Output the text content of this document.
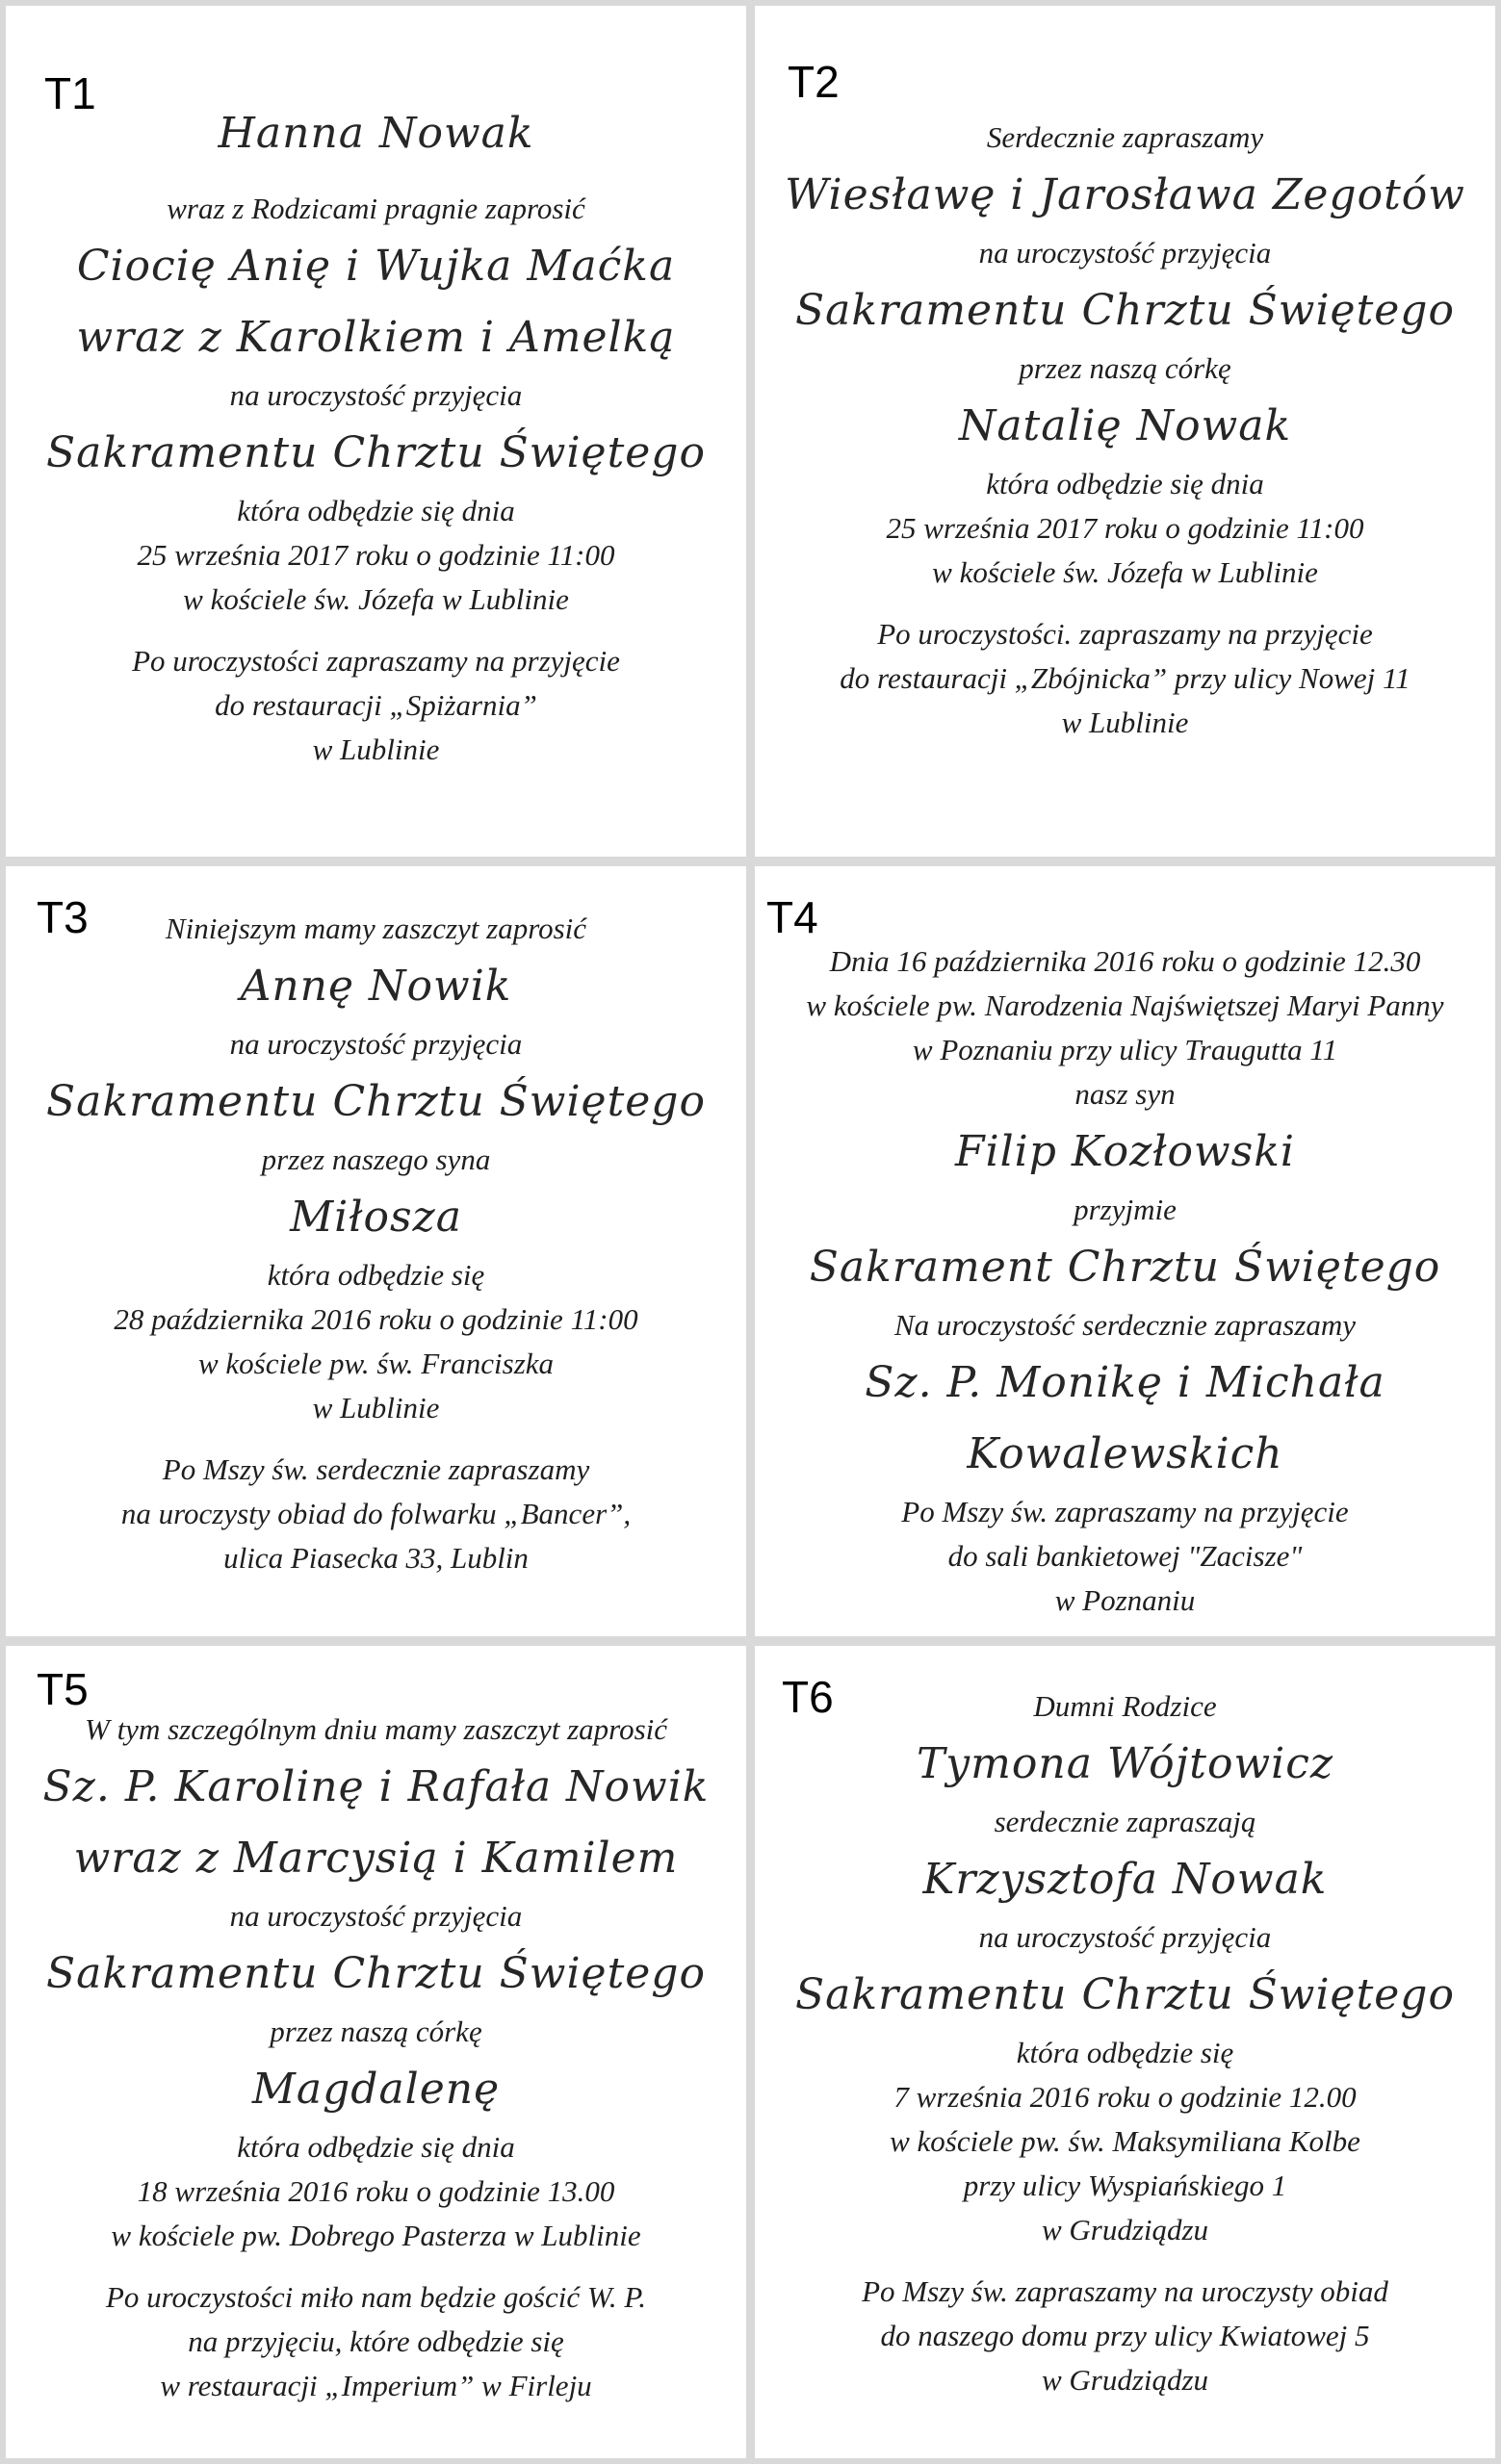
T1
Hanna Nowak
wraz z Rodzicami pragnie zaprosić
Ciocię Anię i Wujka Maćka
wraz z Karolkiem i Amelką
na uroczystość przyjęcia
Sakramentu Chrztu Świętego
która odbędzie się dnia
25 września 2017 roku o godzinie 11:00
w kościele św. Józefa w Lublinie
Po uroczystości zapraszamy na przyjęcie
do restauracji „Spiżarnia”
w Lublinie
T2
Serdecznie zapraszamy
Wiesławę i Jarosława Zegotów
na uroczystość przyjęcia
Sakramentu Chrztu Świętego
przez naszą córkę
Natalię Nowak
która odbędzie się dnia
25 września 2017 roku o godzinie 11:00
w kościele św. Józefa w Lublinie
Po uroczystości. zapraszamy na przyjęcie
do restauracji „Zbójnicka” przy ulicy Nowej 11
w Lublinie
T3	Niniejszym mamy zaszczyt zaprosić
Annę Nowik
na uroczystość przyjęcia
Sakramentu Chrztu Świętego
przez naszego syna
Miłosza
która odbędzie się
28 października 2016 roku o godzinie 11:00
w kościele pw. św. Franciszka
w Lublinie
Po Mszy św. serdecznie zapraszamy
na uroczysty obiad do folwarku „Bancer”,
ulica Piasecka 33, Lublin
T4
Dnia 16 października 2016 roku o godzinie 12.30
w kościele pw. Narodzenia Najświętszej Maryi Panny
w Poznaniu przy ulicy Traugutta 11
nasz syn
Filip Kozłowski
przyjmie
Sakrament Chrztu Świętego
Na uroczystość serdecznie zapraszamy
Sz. P. Monikę i Michała
Kowalewskich
Po Mszy św. zapraszamy na przyjęcie
do sali bankietowej "Zacisze"
w Poznaniu
T5
W tym szczególnym dniu mamy zaszczyt zaprosić
Sz. P. Karolinę i Rafała Nowik
wraz z Marcysią i Kamilem
na uroczystość przyjęcia
Sakramentu Chrztu Świętego
przez naszą córkę
Magdalenę
która odbędzie się dnia
18 września 2016 roku o godzinie 13.00
w kościele pw. Dobrego Pasterza w Lublinie
Po uroczystości miło nam będzie gościć W. P.
na przyjęciu, które odbędzie się
w restauracji „Imperium” w Firleju
T6	Dumni Rodzice
Tymona Wójtowicz
serdecznie zapraszają
Krzysztofa Nowak
na uroczystość przyjęcia
Sakramentu Chrztu Świętego
która odbędzie się
7 września 2016 roku o godzinie 12.00
w kościele pw. św. Maksymiliana Kolbe
przy ulicy Wyspiańskiego 1
w Grudziądzu
Po Mszy św. zapraszamy na uroczysty obiad
do naszego domu przy ulicy Kwiatowej 5
w Grudziądzu
